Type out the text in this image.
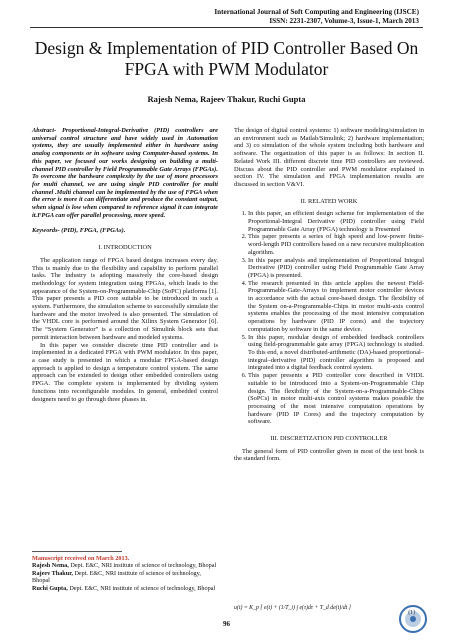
International Journal of Soft Computing and Engineering (IJSCE)
ISSN: 2231-2307, Volume-3, Issue-1, March 2013
Design & Implementation of PID Controller Based On FPGA with PWM Modulator
Rajesh Nema, Rajeev Thakur, Ruchi Gupta
Abstract- Proportional-Integral-Derivative (PID) controllers are universal control structure and have widely used in Automation systems, they are usually implemented either in hardware using analog components or in software using Computer-based systems. In this paper, we focused our works designing on building a multi-channel PID controller by Field Programmable Gate Arrays (FPGAs). To overcome the hardware complexity by the use of more processors for multi channel, we are using single PID controller for multi channel .Multi channel can be implemented by the use of FPGA when the error is more it can differentiate and produce the constant output, when signal is low when compared to reference signal it can integrate it.FPGA can offer parallel processing, more speed.
Keywords- (PID), FPGA, (FPGAs).
I. INTRODUCTION

The application range of FPGA based designs increases every day. This is mainly due to the flexibility and capability to perform parallel tasks. The industry is adopting massively the core-based design methodology for system integration using FPGAs, which leads to the appearance of the System-on-Programmable-Chip (SoPC) platforms [1]. This paper presents a PID core suitable to be introduced in such a system. Furthermore, the simulation scheme to successfully simulate the hardware and the motor involved is also presented. The simulation of the VHDL core is performed around the Xilinx System Generator [6]. The “System Generator” is a collection of Simulink block sets that permit interaction between hardware and modeled systems.

In this paper we consider discrete time PID controller and is implemented in a dedicated FPGA with PWM modulator. In this paper, a case study is presented in which a modular FPGA-based design approach is applied to design a temperature control system. The same approach can be extended to design other embedded controllers using FPGA. The complete system is implemented by dividing system functions into reconfigurable modules. In general, embedded control designers need to go through three phases in.

Manuscript received on March 2013.
Rajesh Nema, Dept. E&C, NRI institute of science of technology, Bhopal
Rajeev Thakur, Dept. E&C, NRI institute of science of technology, Bhopal
Ruchi Gupta, Dept. E&C, NRI institute of science of technology, Bhopal

The design of digital control systems: 1) software modeling/simulation in an environment such as Matlab/Simulink; 2) hardware implementation; and 3) co simulation of the whole system including both hardware and software. The organization of this paper is as follows: In section II. Related Work III. different discrete time PID controllers are reviewed. Discuss about the PID controller and PWM modulator explained in section IV. The simulation and FPGA implementation results are discussed in section V&VI.

II. RELATED WORK
1. In this paper, an efficient design scheme for implementation of the Proportional-Integral Derivative (PID) controller using Field Programmable Gate Array (FPGA) technology is Presented
2. This paper presents a series of high speed and low-power finite-word-length PID controllers based on a new recursive multiplication algorithm.
3. In this paper analysis and implementation of Proportional Integral Derivative (PID) controller using Field Programmable Gate Array (FPGA) is presented.
4. The research presented in this article applies the newest Field-Programmable-Gate-Arrays to implement motor controller devices in accordance with the actual core-based design. The flexibility of the System on-a-Programmable-Chips in motor multi-axis control systems enables the processing of the most intensive computation operations by hardware (PID IP cores) and the trajectory computation by software in the same device.
5. In this paper, modular design of embedded feedback controllers using field-programmable gate array (FPGA) technology is studied. To this end, a novel distributed-arithmetic (DA)-based proportional–integral–derivative (PID) controller algorithm is proposed and integrated into a digital feedback control system.
6. This paper presents a PID controller core described in VHDL suitable to be introduced into a System-on-Programmable Chip design. The flexibility of the System-on-a-Programmable-Chips (SoPCs) in motor multi-axis control systems makes possible the processing of the most intensive computation operations by hardware (PID IP Cores) and the trajectory computation by software.
III. DISCRETIZATION PID CONTROLLER

The general form of PID controller given in most of the text book is the standard form.

u(t) = K_p [ e(t) + (1/T_i) ∫ e(τ)dτ + T_d de(t)/dt ]
(1)
96
